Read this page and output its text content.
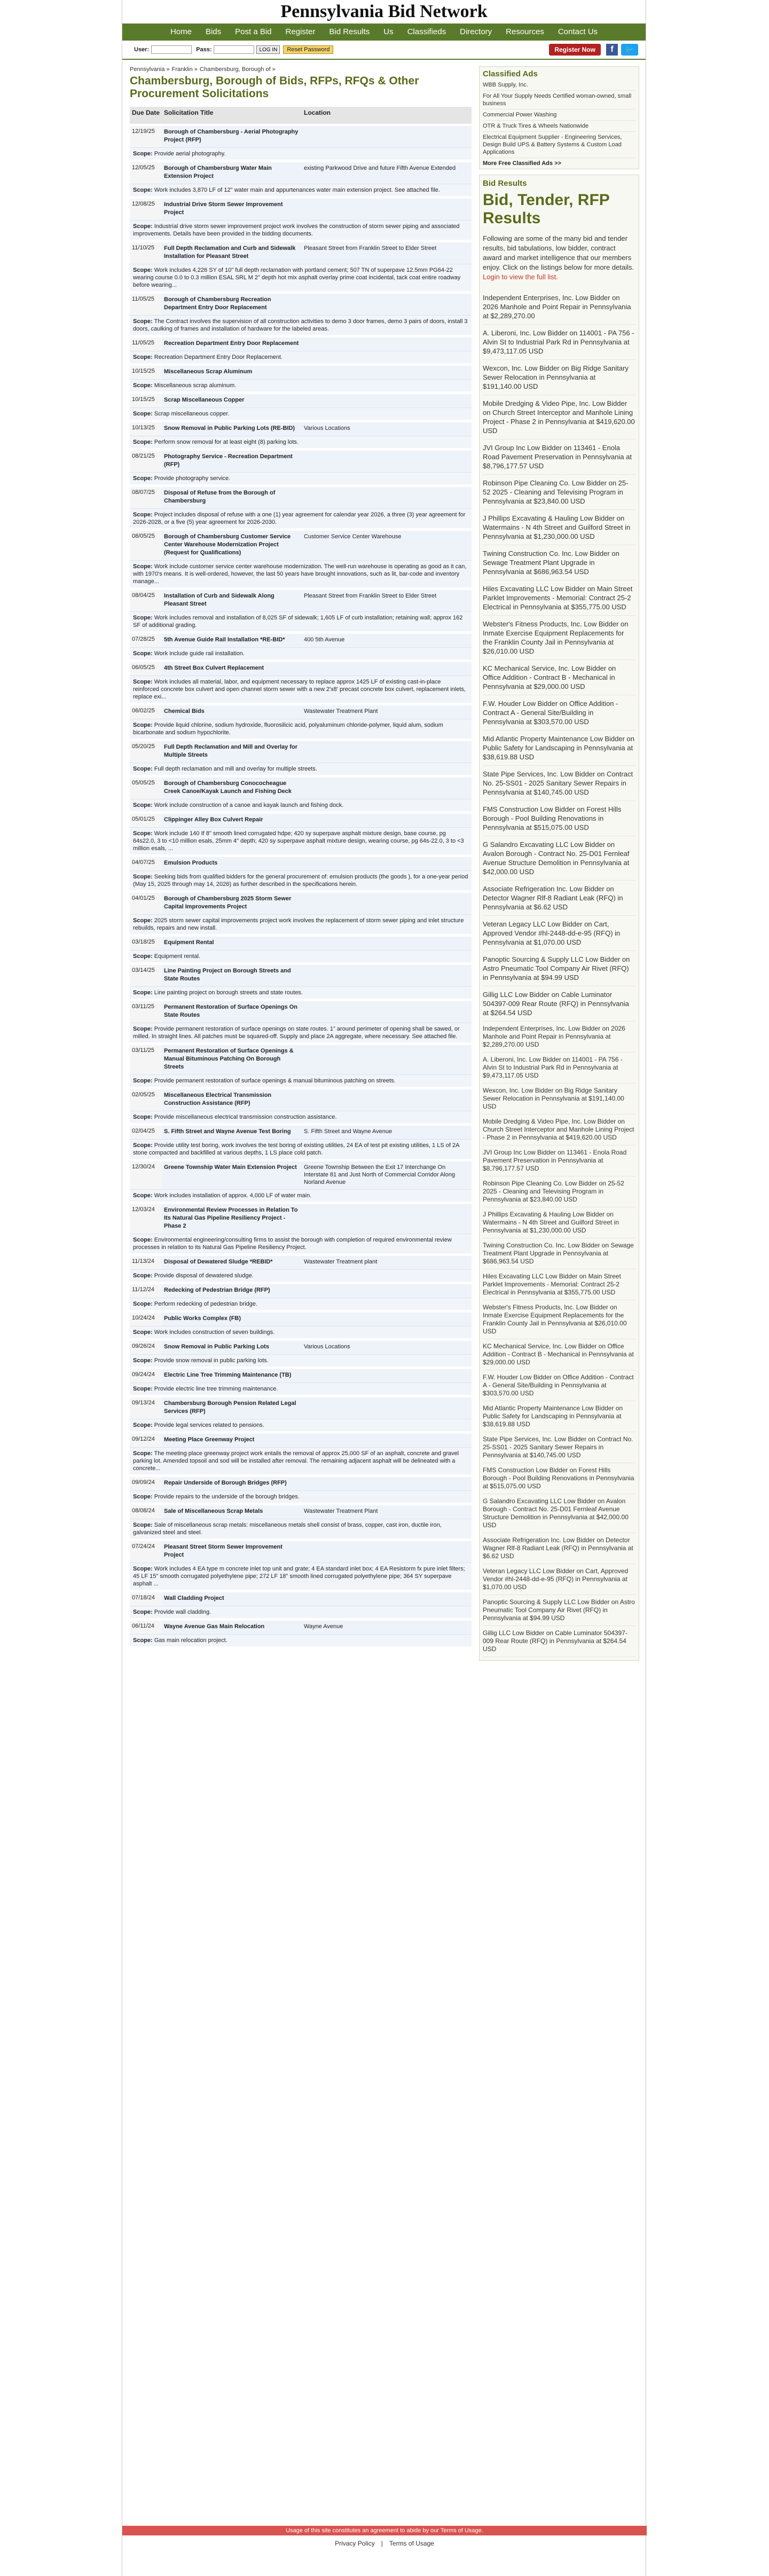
Pennsylvania Bid Network
Home	Bids	Post a Bid	Register	Bid Results	Us	Classifieds	Directory	Resources	Contact Us
User:	Pass:	LOG IN	Reset Password	Register Now	f	🐦
Pennsylvania » Franklin » Chambersburg, Borough of »
Chambersburg, Borough of Bids, RFPs, RFQs & Other Procurement Solicitations
Due Date	Solicitation Title	Location
12/19/25	Borough of Chambersburg - Aerial Photography Project (RFP)	
Scope: Provide aerial photography.		
12/05/25	Borough of Chambersburg Water Main Extension Project	existing Parkwood Drive and future Fifth Avenue Extended
Scope: Work includes 3,870 LF of 12" water main and appurtenances water main extension project. See attached file.		
12/08/25	Industrial Drive Storm Sewer Improvement Project	
Scope: Industrial drive storm sewer improvement project work involves the construction of storm sewer piping and associated improvements. Details have been provided in the bidding documents.		
11/10/25	Full Depth Reclamation and Curb and Sidewalk Installation for Pleasant Street	Pleasant Street from Franklin Street to Elder Street
Scope: Work includes 4,226 SY of 10" full depth reclamation with portland cement; 507 TN of superpave 12.5mm PG64-22 wearing course 0.0 to 0.3 million ESAL SRL M 2" depth hot mix asphalt overlay prime coat incidental, tack coat entire roadway before wearing...		
11/05/25	Borough of Chambersburg Recreation Department Entry Door Replacement	
Scope: The Contract involves the supervision of all construction activities to demo 3 door frames, demo 3 pairs of doors, install 3 doors, caulking of frames and installation of hardware for the labeled areas.		
11/05/25	Recreation Department Entry Door Replacement	
Scope: Recreation Department Entry Door Replacement.		
10/15/25	Miscellaneous Scrap Aluminum	
Scope: Miscellaneous scrap aluminum.		
10/15/25	Scrap Miscellaneous Copper	
Scope: Scrap miscellaneous copper.		
10/13/25	Snow Removal in Public Parking Lots (RE-BID)	Various Locations
Scope: Perform snow removal for at least eight (8) parking lots.		
08/21/25	Photography Service - Recreation Department (RFP)	
Scope: Provide photography service.		
08/07/25	Disposal of Refuse from the Borough of Chambersburg	
Scope: Project includes disposal of refuse with a one (1) year agreement for calendar year 2026, a three (3) year agreement for 2026-2028, or a five (5) year agreement for 2026-2030.		
08/05/25	Borough of Chambersburg Customer Service Center Warehouse Modernization Project (Request for Qualifications)	Customer Service Center Warehouse
Scope: Work include customer service center warehouse modernization. The well-run warehouse is operating as good as it can, with 1970's means. It is well-ordered, however, the last 50 years have brought innovations, such as lit, bar-code and inventory manage...		
08/04/25	Installation of Curb and Sidewalk Along Pleasant Street	Pleasant Street from Franklin Street to Elder Street
Scope: Work includes removal and installation of 8,025 SF of sidewalk; 1,605 LF of curb installation; retaining wall; approx 162 SF of additional grading.		
07/28/25	5th Avenue Guide Rail Installation *RE-BID*	400 5th Avenue
Scope: Work include guide rail installation.		
06/05/25	4th Street Box Culvert Replacement	
Scope: Work includes all material, labor, and equipment necessary to replace approx 1425 LF of existing cast-in-place reinforced concrete box culvert and open channel storm sewer with a new 2'x8' precast concrete box culvert, replacement inlets, replace exi...		
06/02/25	Chemical Bids	Wastewater Treatment Plant
Scope: Provide liquid chlorine, sodium hydroxide, fluorosilicic acid, polyaluminum chloride-polymer, liquid alum, sodium bicarbonate and sodium hypochlorite.		
05/20/25	Full Depth Reclamation and Mill and Overlay for Multiple Streets	
Scope: Full depth reclamation and mill and overlay for multiple streets.		
05/05/25	Borough of Chambersburg Conococheague Creek Canoe/Kayak Launch and Fishing Deck	
Scope: Work include construction of a canoe and kayak launch and fishing dock.		
05/01/25	Clippinger Alley Box Culvert Repair	
Scope: Work include 140 If 8" smooth lined corrugated hdpe; 420 sy superpave asphalt mixture design, base course, pg 64s22.0, 3 to <10 million esals, 25mm 4" depth; 420 sy superpave asphalt mixture design, wearing course, pg 64s-22.0, 3 to <3 million esals, ...		
04/07/25	Emulsion Products	
Scope: Seeking bids from qualified bidders for the general procurement of: emulsion products (the goods ), for a one-year period (May 15, 2025 through may 14, 2026) as further described in the specifications herein.		
04/01/25	Borough of Chambersburg 2025 Storm Sewer Capital Improvements Project	
Scope: 2025 storm sewer capital improvements project work involves the replacement of storm sewer piping and inlet structure rebuilds, repairs and new install.		
03/18/25	Equipment Rental	
Scope: Equipment rental.		
03/14/25	Line Painting Project on Borough Streets and State Routes	
Scope: Line painting project on borough streets and state routes.		
03/11/25	Permanent Restoration of Surface Openings On State Routes	
Scope: Provide permanent restoration of surface openings on state routes. 1" around perimeter of opening shall be sawed, or milled. In straight lines. All patches must be squared-off. Supply and place 2A aggregate, where necessary. See attached file.		
03/11/25	Permanent Restoration of Surface Openings & Manual Bituminous Patching On Borough Streets	
Scope: Provide permanent restoration of surface openings & manual bituminous patching on streets.		
02/05/25	Miscellaneous Electrical Transmission Construction Assistance (RFP)	
Scope: Provide miscellaneous electrical transmission construction assistance.		
02/04/25	S. Fifth Street and Wayne Avenue Test Boring	S. Fifth Street and Wayne Avenue
Scope: Provide utility test boring, work involves the test boring of existing utilities, 24 EA of test pit existing utilities, 1 LS of 2A stone compacted and backfilled at various depths, 1 LS place cold patch.		
12/30/24	Greene Township Water Main Extension Project	Greene Township Between the Exit 17 Interchange On Interstate 81 and Just North of Commercial Corridor Along Norland Avenue
Scope: Work includes installation of approx. 4,000 LF of water main.		
12/03/24	Environmental Review Processes in Relation To Its Natural Gas Pipeline Resiliency Project - Phase 2	
Scope: Environmental engineering/consulting firms to assist the borough with completion of required environmental review processes in relation to its Natural Gas Pipeline Resiliency Project.		
11/13/24	Disposal of Dewatered Sludge *REBID*	Wastewater Treatment plant
Scope: Provide disposal of dewatered sludge.		
11/12/24	Redecking of Pedestrian Bridge (RFP)	
Scope: Perform redecking of pedestrian bridge.		
10/24/24	Public Works Complex (FB)	
Scope: Work includes construction of seven buildings.		
09/26/24	Snow Removal in Public Parking Lots	Various Locations
Scope: Provide snow removal in public parking lots.		
09/24/24	Electric Line Tree Trimming Maintenance (TB)	
Scope: Provide electric line tree trimming maintenance.		
09/13/24	Chambersburg Borough Pension Related Legal Services (RFP)	
Scope: Provide legal services related to pensions.		
09/12/24	Meeting Place Greenway Project	
Scope: The meeting place greenway project work entails the removal of approx 25,000 SF of an asphalt, concrete and gravel parking lot. Amended topsoil and sod will be installed after removal. The remaining adjacent asphalt will be delineated with a concrete...		
09/09/24	Repair Underside of Borough Bridges (RFP)	
Scope: Provide repairs to the underside of the borough bridges.		
08/08/24	Sale of Miscellaneous Scrap Metals	Wastewater Treatment Plant
Scope: Sale of miscellaneous scrap metals: miscellaneous metals shell consist of brass, copper, cast iron, ductile iron, galvanized steel and steel.		
07/24/24	Pleasant Street Storm Sewer Improvement Project	
Scope: Work includes 4 EA type m concrete inlet top unit and grate; 4 EA standard inlet box; 4 EA Resistorm fx pure inlet filters; 45 LF 15" smooth corrugated polyethylene pipe; 272 LF 18" smooth lined corrugated polyethylene pipe; 364 SY superpave asphalt ...		
07/18/24	Wall Cladding Project	
Scope: Provide wall cladding.		
06/11/24	Wayne Avenue Gas Main Relocation	Wayne Avenue
Scope: Gas main relocation project.		
Classified Ads
WBB Supply, Inc.
For All Your Supply Needs Certified woman-owned, small business
Commercial Power Washing
OTR & Truck Tires & Wheels Nationwide
Electrical Equipment Supplier - Engineering Services, Design Build UPS & Battery Systems & Custom Load Applications
More Free Classified Ads >>
Bid Results
Bid, Tender, RFP Results
Following are some of the many bid and tender results, bid tabulations, low bidder, contract award and market intelligence that our members enjoy. Click on the listings below for more details. Login to view the full list.
Independent Enterprises, Inc. Low Bidder on 2026 Manhole and Point Repair in Pennsylvania at $2,289,270.00
A. Liberoni, Inc. Low Bidder on 114001 - PA 756 - Alvin St to Industrial Park Rd in Pennsylvania at $9,473,117.05 USD
Wexcon, Inc. Low Bidder on Big Ridge Sanitary Sewer Relocation in Pennsylvania at $191,140.00 USD
Mobile Dredging & Video Pipe, Inc. Low Bidder on Church Street Interceptor and Manhole Lining Project - Phase 2 in Pennsylvania at $419,620.00 USD
JVI Group Inc Low Bidder on 113461 - Enola Road Pavement Preservation in Pennsylvania at $8,796,177.57 USD
Robinson Pipe Cleaning Co. Low Bidder on 25-52 2025 - Cleaning and Televising Program in Pennsylvania at $23,840.00 USD
J Phillips Excavating & Hauling Low Bidder on Watermains - N 4th Street and Guilford Street in Pennsylvania at $1,230,000.00 USD
Twining Construction Co. Inc. Low Bidder on Sewage Treatment Plant Upgrade in Pennsylvania at $686,963.54 USD
Hiles Excavating LLC Low Bidder on Main Street Parklet Improvements - Memorial: Contract 25-2 Electrical in Pennsylvania at $355,775.00 USD
Webster's Fitness Products, Inc. Low Bidder on Inmate Exercise Equipment Replacements for the Franklin County Jail in Pennsylvania at $26,010.00 USD
KC Mechanical Service, Inc. Low Bidder on Office Addition - Contract B - Mechanical in Pennsylvania at $29,000.00 USD
F.W. Houder Low Bidder on Office Addition - Contract A - General Site/Building in Pennsylvania at $303,570.00 USD
Mid Atlantic Property Maintenance Low Bidder on Public Safety for Landscaping in Pennsylvania at $38,619.88 USD
State Pipe Services, Inc. Low Bidder on Contract No. 25-SS01 - 2025 Sanitary Sewer Repairs in Pennsylvania at $140,745.00 USD
FMS Construction Low Bidder on Forest Hills Borough - Pool Building Renovations in Pennsylvania at $515,075.00 USD
G Salandro Excavating LLC Low Bidder on Avalon Borough - Contract No. 25-D01 Fernleaf Avenue Structure Demolition in Pennsylvania at $42,000.00 USD
Associate Refrigeration Inc. Low Bidder on Detector Wagner Rlf-8 Radiant Leak (RFQ) in Pennsylvania at $6.62 USD
Veteran Legacy LLC Low Bidder on Cart, Approved Vendor #hl-2448-dd-e-95 (RFQ) in Pennsylvania at $1,070.00 USD
Panoptic Sourcing & Supply LLC Low Bidder on Astro Pneumatic Tool Company Air Rivet (RFQ) in Pennsylvania at $94.99 USD
Gillig LLC Low Bidder on Cable Luminator 504397-009 Rear Route (RFQ) in Pennsylvania at $264.54 USD
Independent Enterprises, Inc. Low Bidder on 2026 Manhole and Point Repair in Pennsylvania at $2,289,270.00 USD
A. Liberoni, Inc. Low Bidder on 114001 - PA 756 - Alvin St to Industrial Park Rd in Pennsylvania at $9,473,117.05 USD
Wexcon, Inc. Low Bidder on Big Ridge Sanitary Sewer Relocation in Pennsylvania at $191,140.00 USD
Mobile Dredging & Video Pipe, Inc. Low Bidder on Church Street Interceptor and Manhole Lining Project - Phase 2 in Pennsylvania at $419,620.00 USD
JVI Group Inc Low Bidder on 113461 - Enola Road Pavement Preservation in Pennsylvania at $8,796,177.57 USD
Robinson Pipe Cleaning Co. Low Bidder on 25-52 2025 - Cleaning and Televising Program in Pennsylvania at $23,840.00 USD
J Phillips Excavating & Hauling Low Bidder on Watermains - N 4th Street and Guilford Street in Pennsylvania at $1,230,000.00 USD
Twining Construction Co. Inc. Low Bidder on Sewage Treatment Plant Upgrade in Pennsylvania at $686,963.54 USD
Hiles Excavating LLC Low Bidder on Main Street Parklet Improvements - Memorial: Contract 25-2 Electrical in Pennsylvania at $355,775.00 USD
Webster's Fitness Products, Inc. Low Bidder on Inmate Exercise Equipment Replacements for the Franklin County Jail in Pennsylvania at $26,010.00 USD
KC Mechanical Service, Inc. Low Bidder on Office Addition - Contract B - Mechanical in Pennsylvania at $29,000.00 USD
F.W. Houder Low Bidder on Office Addition - Contract A - General Site/Building in Pennsylvania at $303,570.00 USD
Mid Atlantic Property Maintenance Low Bidder on Public Safety for Landscaping in Pennsylvania at $38,619.88 USD
State Pipe Services, Inc. Low Bidder on Contract No. 25-SS01 - 2025 Sanitary Sewer Repairs in Pennsylvania at $140,745.00 USD
FMS Construction Low Bidder on Forest Hills Borough - Pool Building Renovations in Pennsylvania at $515,075.00 USD
G Salandro Excavating LLC Low Bidder on Avalon Borough - Contract No. 25-D01 Fernleaf Avenue Structure Demolition in Pennsylvania at $42,000.00 USD
Associate Refrigeration Inc. Low Bidder on Detector Wagner Rlf-8 Radiant Leak (RFQ) in Pennsylvania at $6.62 USD
Veteran Legacy LLC Low Bidder on Cart, Approved Vendor #hl-2448-dd-e-95 (RFQ) in Pennsylvania at $1,070.00 USD
Panoptic Sourcing & Supply LLC Low Bidder on Astro Pneumatic Tool Company Air Rivet (RFQ) in Pennsylvania at $94.99 USD
Gillig LLC Low Bidder on Cable Luminator 504397-009 Rear Route (RFQ) in Pennsylvania at $264.54 USD
Usage of this site constitutes an agreement to abide by our Terms of Usage.
Privacy Policy | Terms of Usage
